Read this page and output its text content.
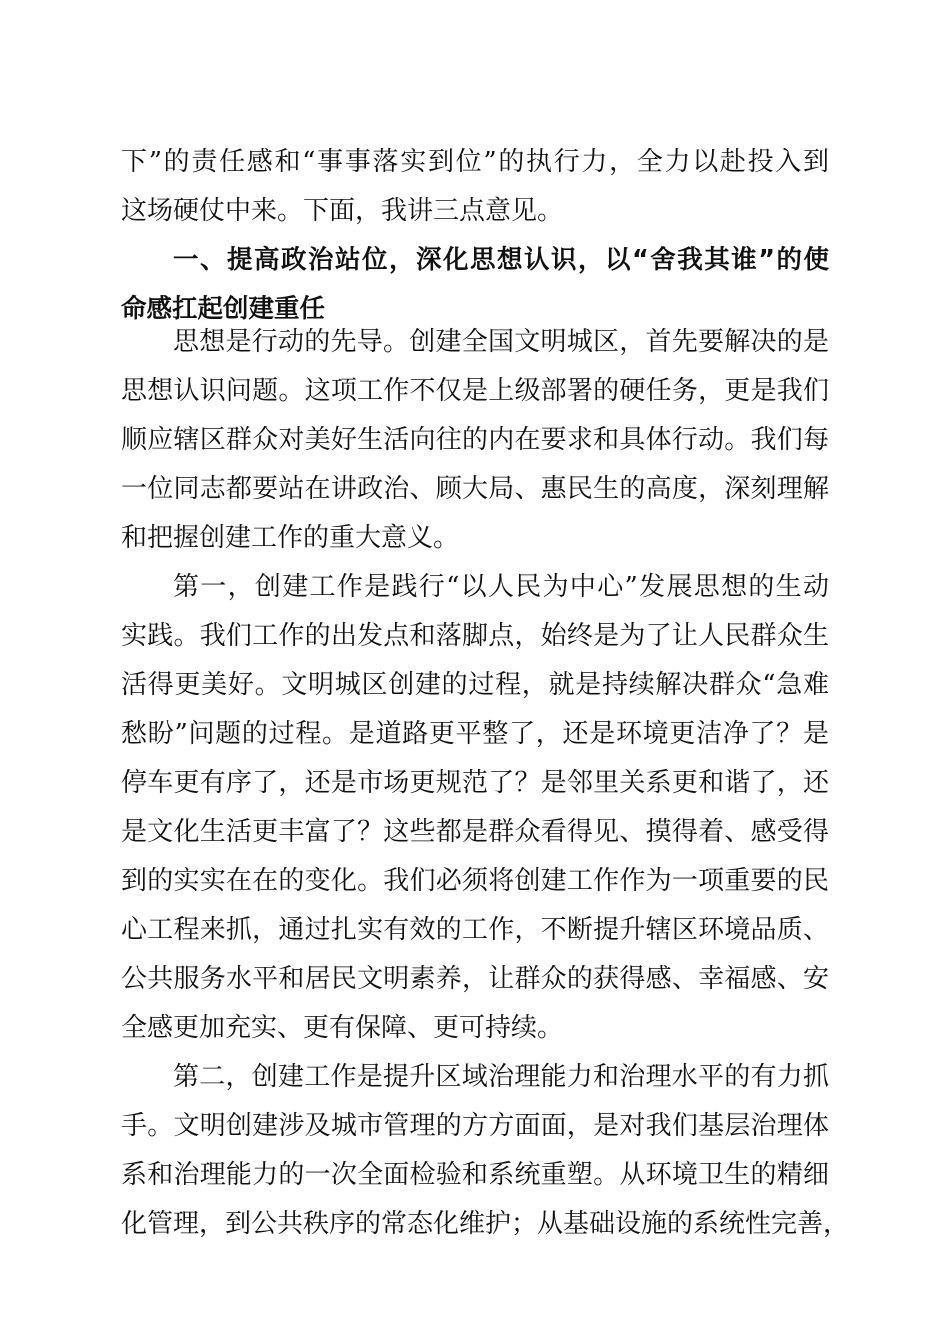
下”的责任感和“事事落实到位”的执行力，全力以赴投入到
这场硬仗中来。下面，我讲三点意见。
一、提高政治站位，深化思想认识，以“舍我其谁”的使
命感扛起创建重任
思想是行动的先导。创建全国文明城区，首先要解决的是
思想认识问题。这项工作不仅是上级部署的硬任务，更是我们
顺应辖区群众对美好生活向往的内在要求和具体行动。我们每
一位同志都要站在讲政治、顾大局、惠民生的高度，深刻理解
和把握创建工作的重大意义。
第一，创建工作是践行“以人民为中心”发展思想的生动
实践。我们工作的出发点和落脚点，始终是为了让人民群众生
活得更美好。文明城区创建的过程，就是持续解决群众“急难
愁盼”问题的过程。是道路更平整了，还是环境更洁净了？是
停车更有序了，还是市场更规范了？是邻里关系更和谐了，还
是文化生活更丰富了？这些都是群众看得见、摸得着、感受得
到的实实在在的变化。我们必须将创建工作作为一项重要的民
心工程来抓，通过扎实有效的工作，不断提升辖区环境品质、
公共服务水平和居民文明素养，让群众的获得感、幸福感、安
全感更加充实、更有保障、更可持续。
第二，创建工作是提升区域治理能力和治理水平的有力抓
手。文明创建涉及城市管理的方方面面，是对我们基层治理体
系和治理能力的一次全面检验和系统重塑。从环境卫生的精细
化管理，到公共秩序的常态化维护；从基础设施的系统性完善，
